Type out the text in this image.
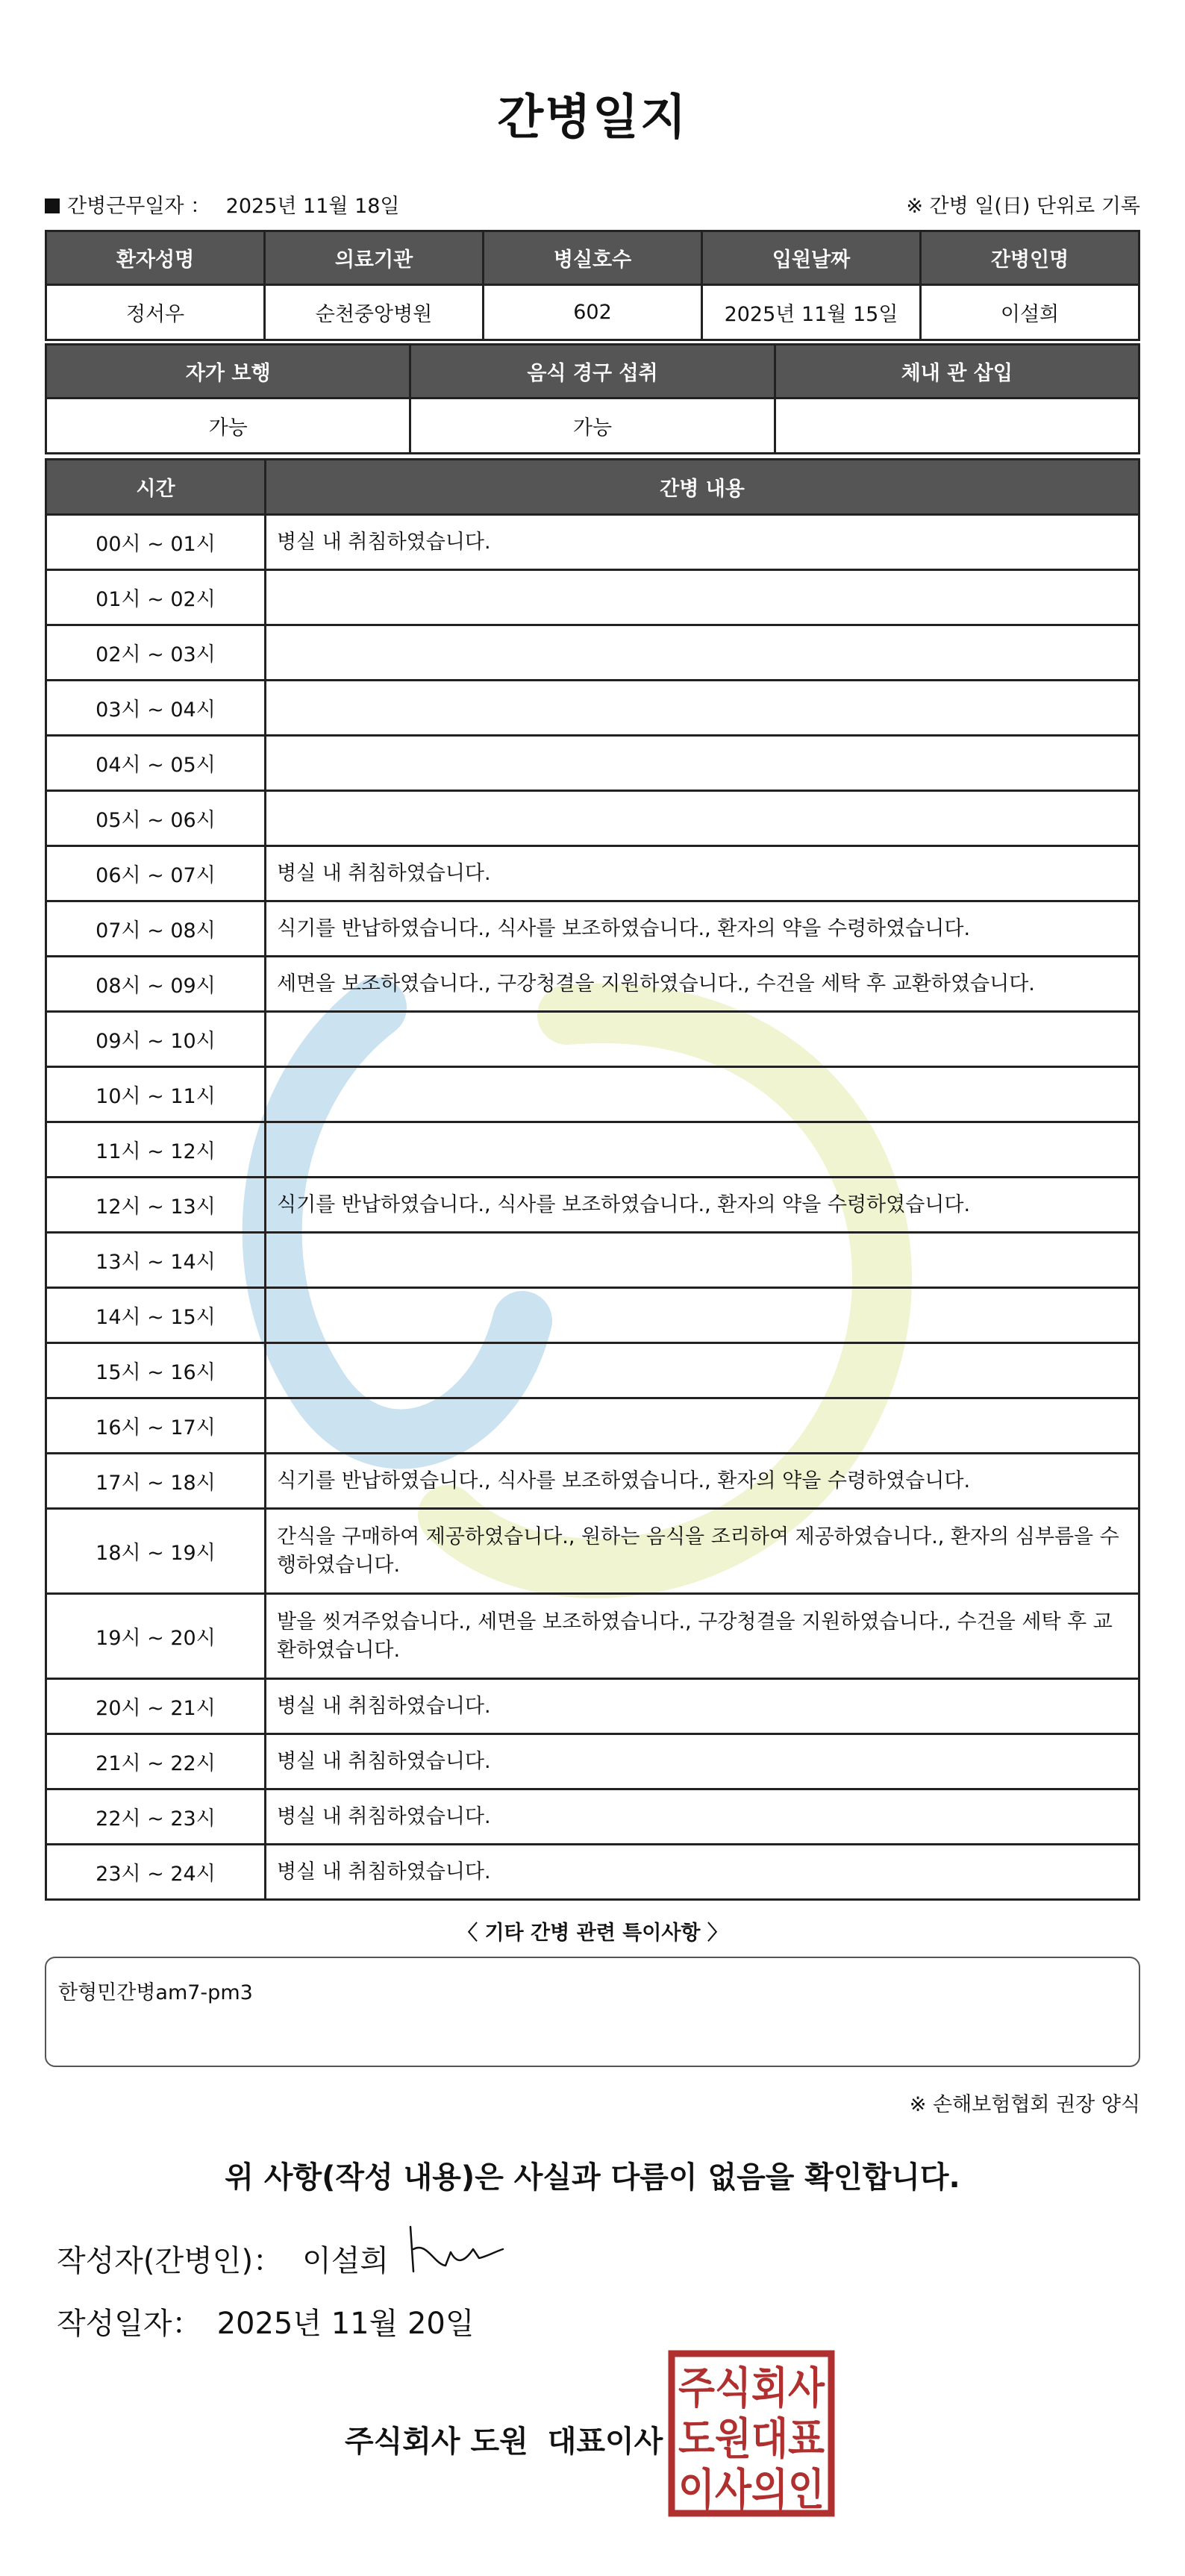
간병일지
간병근무일자 ： 2025년 11월 18일	※ 간병 일(日) 단위로 기록
환자성명	의료기관	병실호수	입원날짜	간병인명
정서우	순천중앙병원	602	2025년 11월 15일	이설희
자가 보행	음식 경구 섭취	체내 관 삽입
가능	가능	
시간	간병 내용
00시 ~ 01시	병실 내 취침하였습니다.
01시 ~ 02시	
02시 ~ 03시	
03시 ~ 04시	
04시 ~ 05시	
05시 ~ 06시	
06시 ~ 07시	병실 내 취침하였습니다.
07시 ~ 08시	식기를 반납하였습니다., 식사를 보조하였습니다., 환자의 약을 수령하였습니다.
08시 ~ 09시	세면을 보조하였습니다., 구강청결을 지원하였습니다., 수건을 세탁 후 교환하였습니다.
09시 ~ 10시	
10시 ~ 11시	
11시 ~ 12시	
12시 ~ 13시	식기를 반납하였습니다., 식사를 보조하였습니다., 환자의 약을 수령하였습니다.
13시 ~ 14시	
14시 ~ 15시	
15시 ~ 16시	
16시 ~ 17시	
17시 ~ 18시	식기를 반납하였습니다., 식사를 보조하였습니다., 환자의 약을 수령하였습니다.
18시 ~ 19시	간식을 구매하여 제공하였습니다., 원하는 음식을 조리하여 제공하였습니다., 환자의 심부름을 수행하였습니다.
19시 ~ 20시	발을 씻겨주었습니다., 세면을 보조하였습니다., 구강청결을 지원하였습니다., 수건을 세탁 후 교환하였습니다.
20시 ~ 21시	병실 내 취침하였습니다.
21시 ~ 22시	병실 내 취침하였습니다.
22시 ~ 23시	병실 내 취침하였습니다.
23시 ~ 24시	병실 내 취침하였습니다.
〈 기타 간병 관련 특이사항 〉
한형민간병am7-pm3
※ 손해보험협회 권장 양식
위 사항(작성 내용)은 사실과 다름이 없음을 확인합니다.
작성자(간병인)： 이설희
작성일자： 2025년 11월 20일
주식회사 도원 대표이사
주식회사
도원대표
이사의인
